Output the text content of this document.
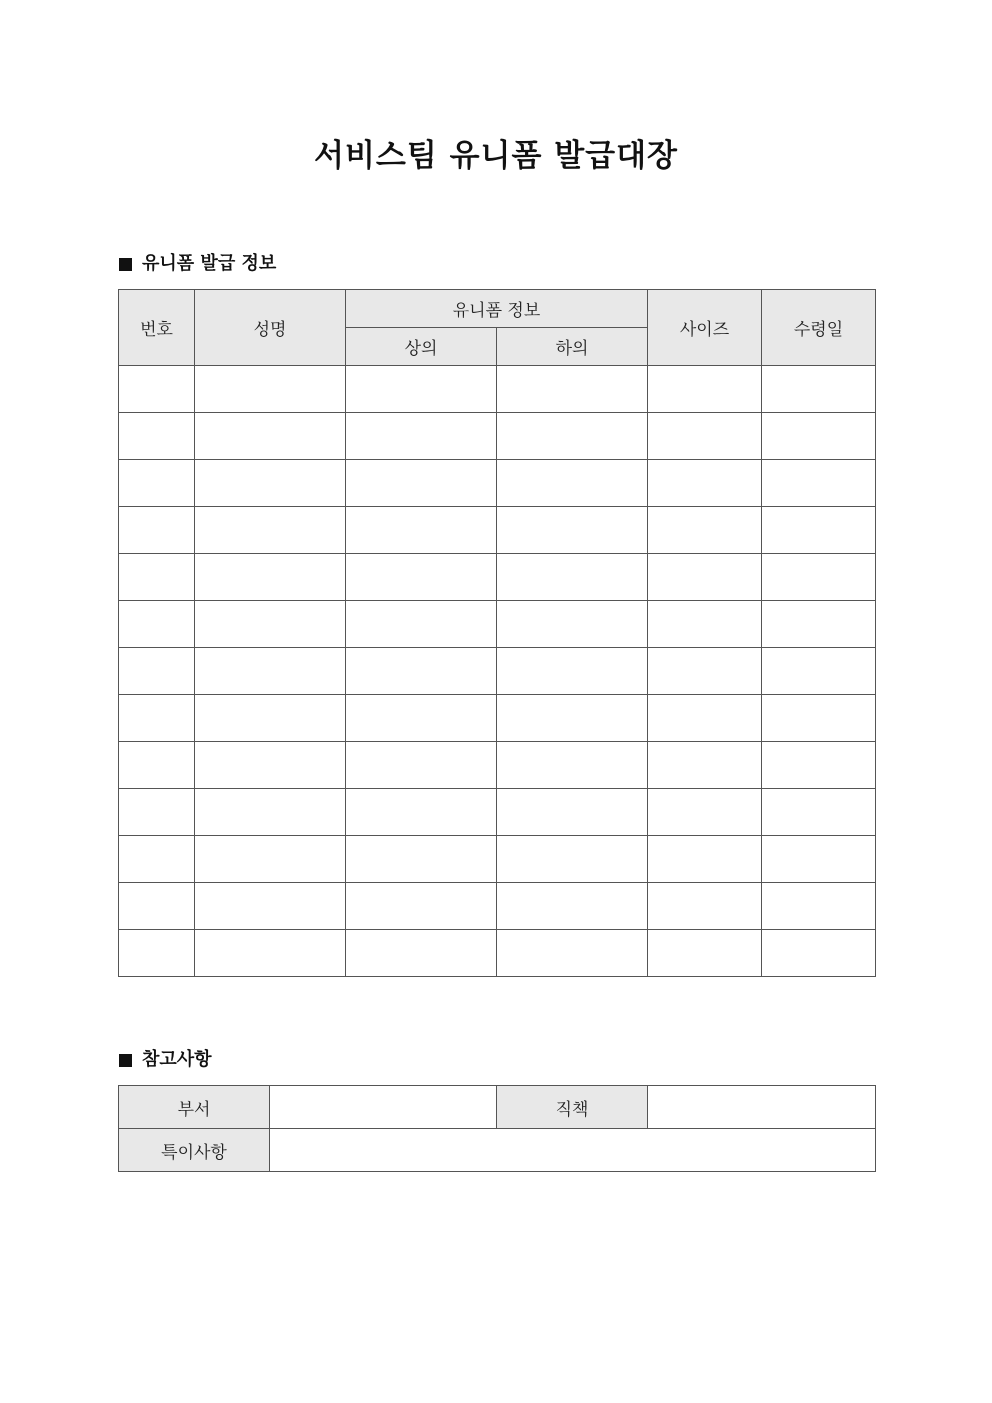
서비스팀 유니폼 발급대장
유니폼 발급 정보
번호	성명	유니폼 정보		사이즈	수령일
		상의	하의		

참고사항
부서		직책	
특이사항			
